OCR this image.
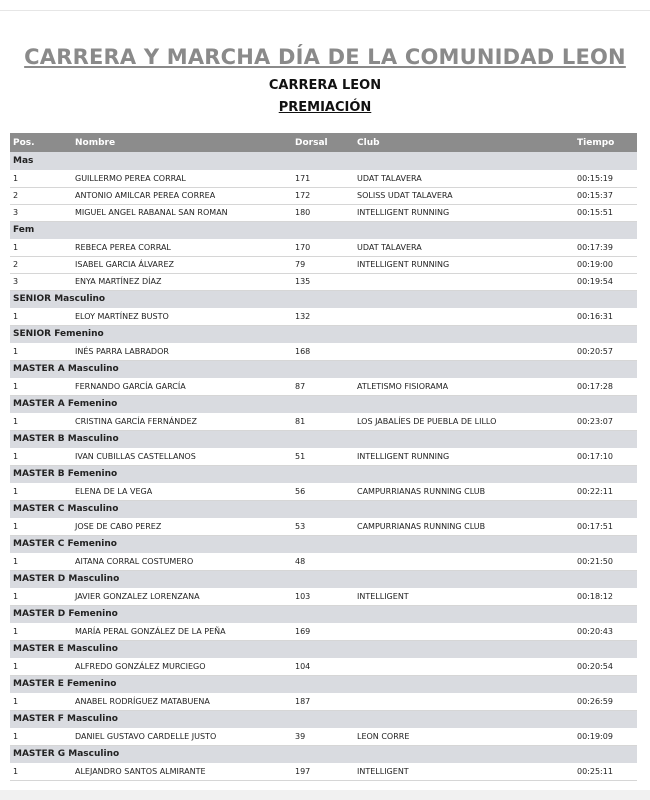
CARRERA Y MARCHA DÍA DE LA COMUNIDAD LEON
CARRERA LEON
PREMIACIÓN
Pos.	Nombre	Dorsal	Club	Tiempo
Mas				
1	GUILLERMO PEREA CORRAL	171	UDAT TALAVERA	00:15:19
2	ANTONIO AMILCAR PEREA CORREA	172	SOLISS UDAT TALAVERA	00:15:37
3	MIGUEL ANGEL RABANAL SAN ROMAN	180	INTELLIGENT RUNNING	00:15:51
Fem				
1	REBECA PEREA CORRAL	170	UDAT TALAVERA	00:17:39
2	ISABEL GARCIA ÁLVAREZ	79	INTELLIGENT RUNNING	00:19:00
3	ENYA MARTÍNEZ DÍAZ	135		00:19:54
SENIOR Masculino				
1	ELOY MARTÍNEZ BUSTO	132		00:16:31
SENIOR Femenino				
1	INÉS PARRA LABRADOR	168		00:20:57
MASTER A Masculino				
1	FERNANDO GARCÍA GARCÍA	87	ATLETISMO FISIORAMA	00:17:28
MASTER A Femenino				
1	CRISTINA GARCÍA FERNÁNDEZ	81	LOS JABALÍES DE PUEBLA DE LILLO	00:23:07
MASTER B Masculino				
1	IVAN CUBILLAS CASTELLANOS	51	INTELLIGENT RUNNING	00:17:10
MASTER B Femenino				
1	ELENA DE LA VEGA	56	CAMPURRIANAS RUNNING CLUB	00:22:11
MASTER C Masculino				
1	JOSE DE CABO PEREZ	53	CAMPURRIANAS RUNNING CLUB	00:17:51
MASTER C Femenino				
1	AITANA CORRAL COSTUMERO	48		00:21:50
MASTER D Masculino				
1	JAVIER GONZALEZ LORENZANA	103	INTELLIGENT	00:18:12
MASTER D Femenino				
1	MARÍA PERAL GONZÁLEZ DE LA PEÑA	169		00:20:43
MASTER E Masculino				
1	ALFREDO GONZÁLEZ MURCIEGO	104		00:20:54
MASTER E Femenino				
1	ANABEL RODRÍGUEZ MATABUENA	187		00:26:59
MASTER F Masculino				
1	DANIEL GUSTAVO CARDELLE JUSTO	39	LEON CORRE	00:19:09
MASTER G Masculino				
1	ALEJANDRO SANTOS ALMIRANTE	197	INTELLIGENT	00:25:11
